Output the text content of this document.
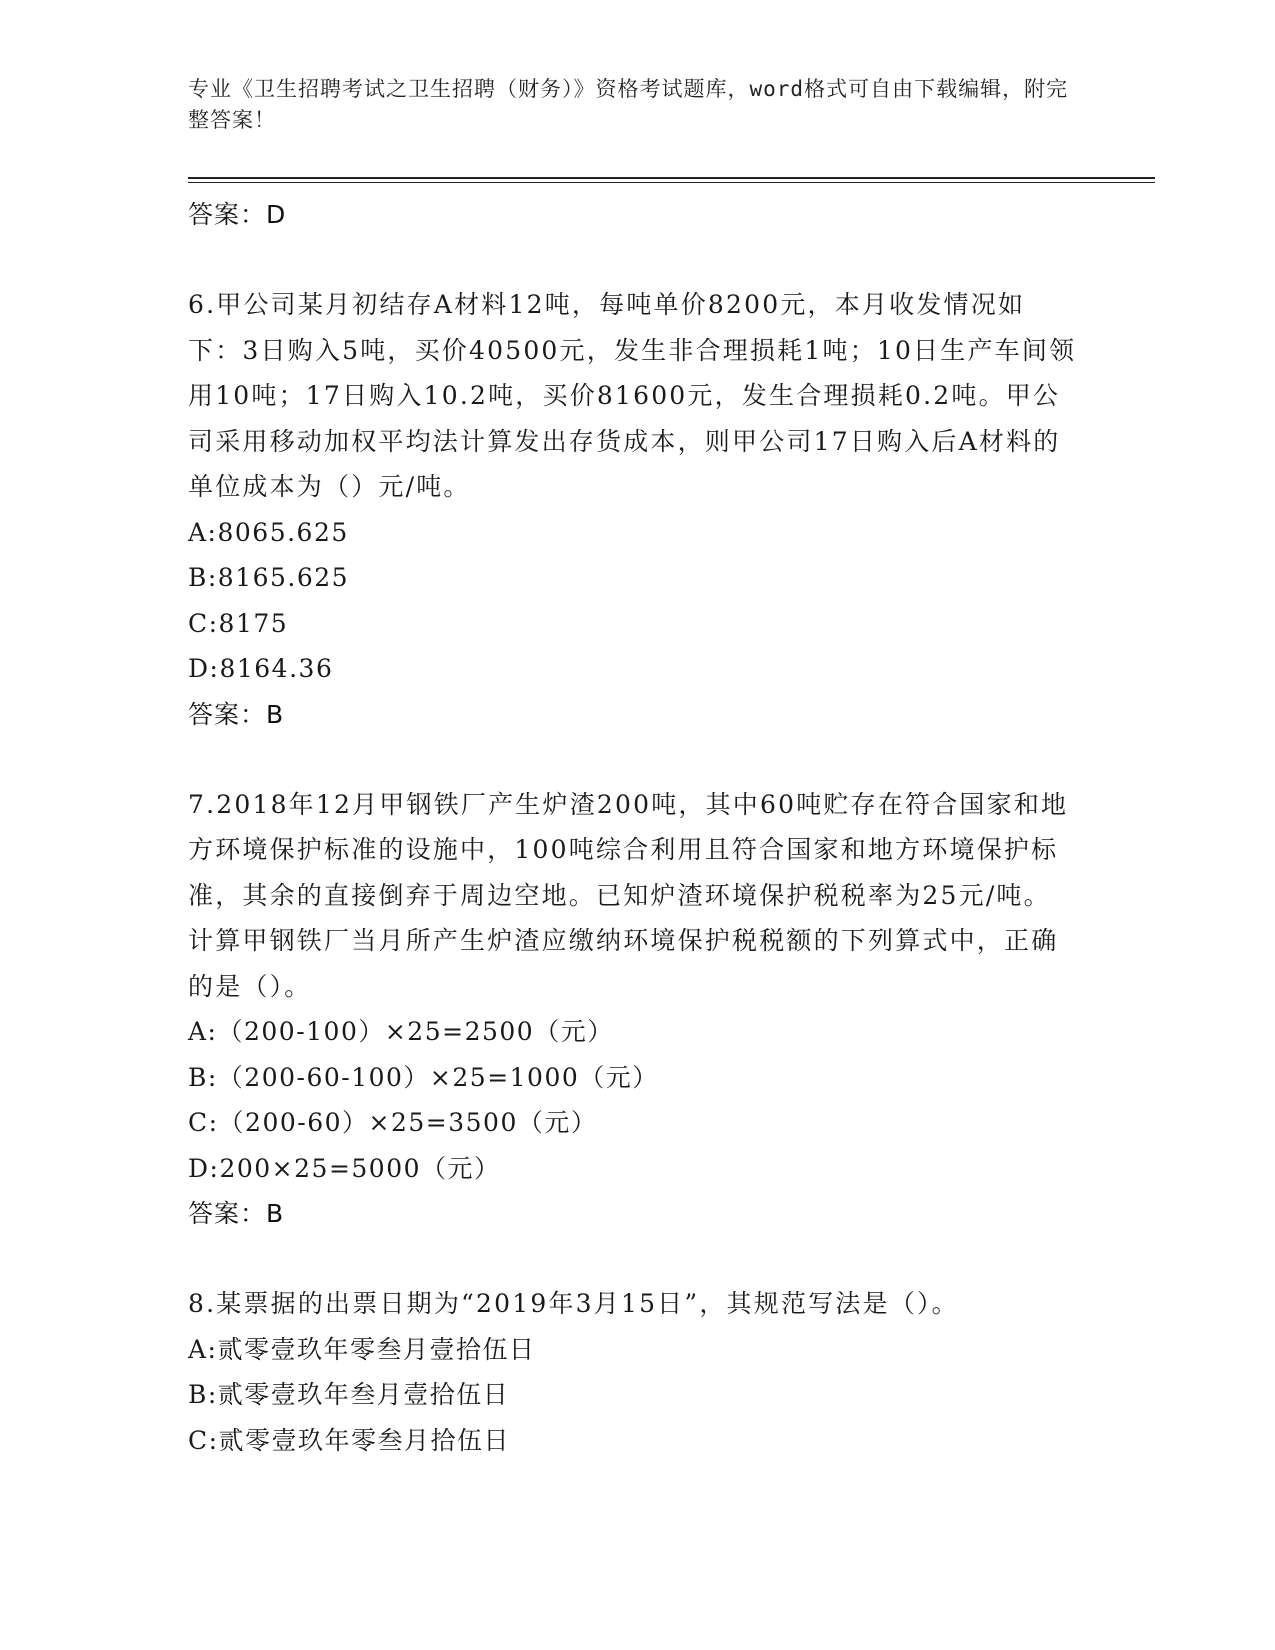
专业《卫生招聘考试之卫生招聘（财务）》资格考试题库，word格式可自由下载编辑，附完整答案！
答案：D
6.甲公司某月初结存A材料12吨，每吨单价8200元，本月收发情况如下：3日购入5吨，买价40500元，发生非合理损耗1吨；10日生产车间领用10吨；17日购入10.2吨，买价81600元，发生合理损耗0.2吨。甲公司采用移动加权平均法计算发出存货成本，则甲公司17日购入后A材料的单位成本为（）元/吨。
A:8065.625
B:8165.625
C:8175
D:8164.36
答案：B
7.2018年12月甲钢铁厂产生炉渣200吨，其中60吨贮存在符合国家和地方环境保护标准的设施中，100吨综合利用且符合国家和地方环境保护标准，其余的直接倒弃于周边空地。已知炉渣环境保护税税率为25元/吨。计算甲钢铁厂当月所产生炉渣应缴纳环境保护税税额的下列算式中，正确的是（）。
A:（200-100）×25=2500（元）
B:（200-60-100）×25=1000（元）
C:（200-60）×25=3500（元）
D:200×25=5000（元）
答案：B
8.某票据的出票日期为“2019年3月15日”，其规范写法是（）。
A:贰零壹玖年零叁月壹拾伍日
B:贰零壹玖年叁月壹拾伍日
C:贰零壹玖年零叁月拾伍日
